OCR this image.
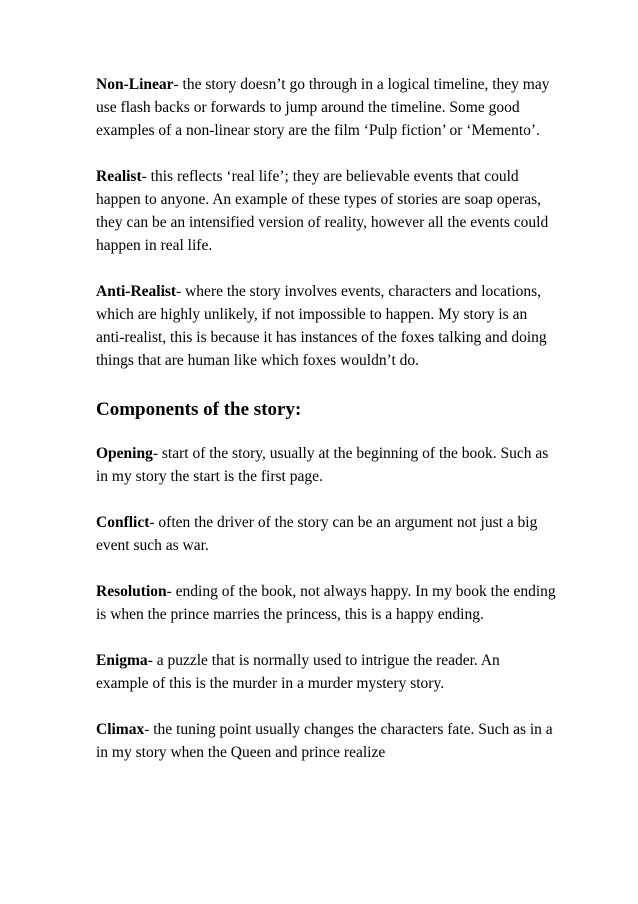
Non-Linear- the story doesn’t go through in a logical timeline, they may use flash backs or forwards to jump around the timeline. Some good examples of a non-linear story are the film ‘Pulp fiction’ or ‘Memento’.

Realist- this reflects ‘real life’; they are believable events that could happen to anyone. An example of these types of stories are soap operas, they can be an intensified version of reality, however all the events could happen in real life.

Anti-Realist- where the story involves events, characters and locations, which are highly unlikely, if not impossible to happen. My story is an anti-realist, this is because it has instances of the foxes talking and doing things that are human like which foxes wouldn’t do.

Components of the story:

Opening- start of the story, usually at the beginning of the book. Such as in my story the start is the first page.

Conflict- often the driver of the story can be an argument not just a big event such as war.

Resolution- ending of the book, not always happy. In my book the ending is when the prince marries the princess, this is a happy ending.

Enigma- a puzzle that is normally used to intrigue the reader. An example of this is the murder in a murder mystery story.

Climax- the tuning point usually changes the characters fate. Such as in a in my story when the Queen and prince realize
